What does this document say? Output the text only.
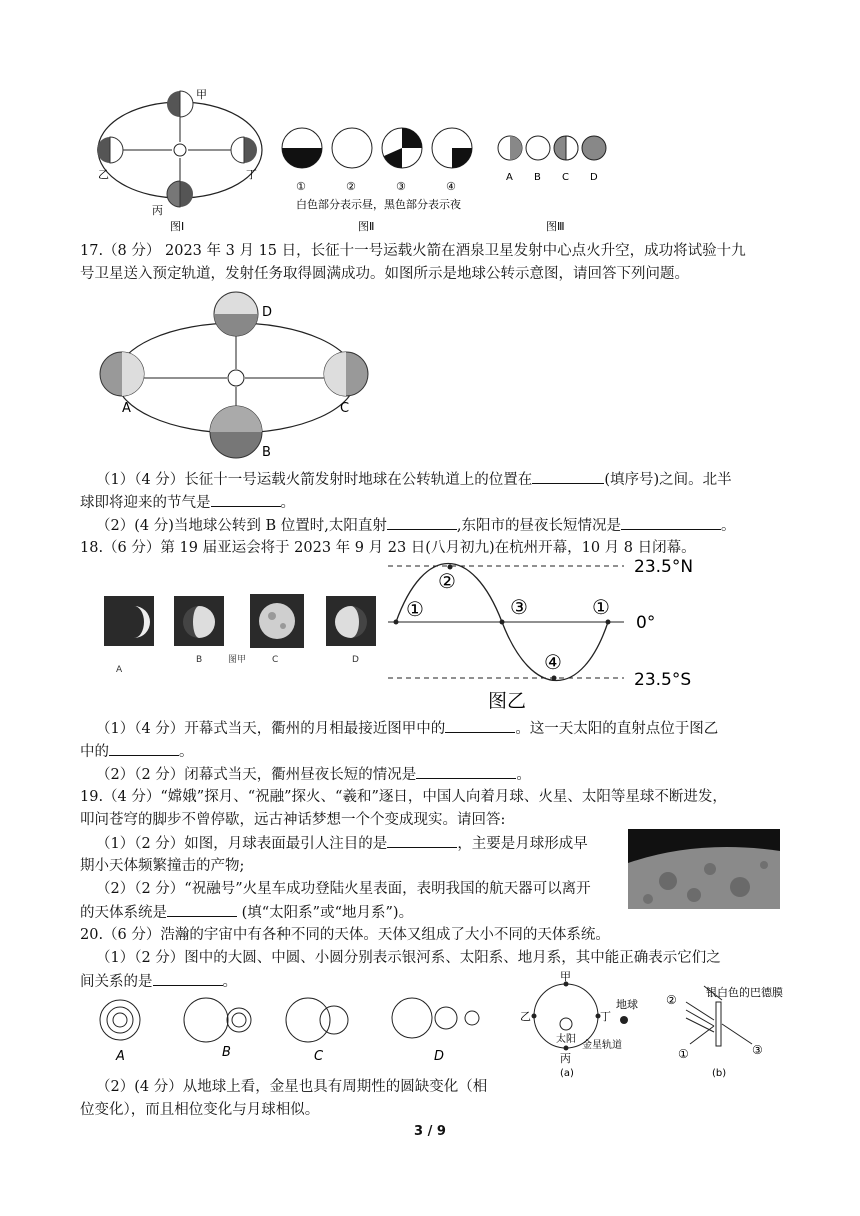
甲
乙
丙
丁
图Ⅰ
①	②	③	④
白色部分表示昼，黑色部分表示夜
图Ⅱ
A B C D
图Ⅲ
17.（8 分） 2023 年 3 月 15 日，长征十一号运载火箭在酒泉卫星发射中心点火升空，成功将试验十九
号卫星送入预定轨道，发射任务取得圆满成功。如图所示是地球公转示意图，请回答下列问题。
A
B
C
D
（1）（4 分）长征十一号运载火箭发射时地球在公转轨道上的位置在	(填序号)之间。北半
球即将迎来的节气是	。
（2）(4 分)当地球公转到 B 位置时,太阳直射	,东阳市的昼夜长短情况是	。
18.（6 分）第 19 届亚运会将于 2023 年 9 月 23 日(八月初九)在杭州开幕，10 月 8 日闭幕。
A
B	图甲	C	D
①
②
③	①
④
23.5°N
0°
23.5°S
图乙
（1）（4 分）开幕式当天，衢州的月相最接近图甲中的	。这一天太阳的直射点位于图乙
中的	。
（2）（2 分）闭幕式当天，衢州昼夜长短的情况是	。
19.（4 分）“嫦娥”探月、“祝融”探火、“羲和”逐日，中国人向着月球、火星、太阳等星球不断进发，
叩问苍穹的脚步不曾停歇，远古神话梦想一个个变成现实。请回答:
（1）（2 分）如图，月球表面最引人注目的是	，主要是月球形成早
期小天体频繁撞击的产物;
（2）（2 分）“祝融号”火星车成功登陆火星表面，表明我国的航天器可以离开
的天体系统是	(填“太阳系”或“地月系”)。
20.（6 分）浩瀚的宇宙中有各种不同的天体。天体又组成了大小不同的天体系统。
（1）（2 分）图中的大圆、中圆、小圆分别表示银河系、太阳系、地月系，其中能正确表示它们之
间关系的是	。
A	B	C	D
甲
乙
丙
丁
太阳
地球
金星轨道
(a)
②
①	③
银白色的巴德膜
(b)
（2）(4 分）从地球上看，金星也具有周期性的圆缺变化（相
位变化），而且相位变化与月球相似。
3 / 9
